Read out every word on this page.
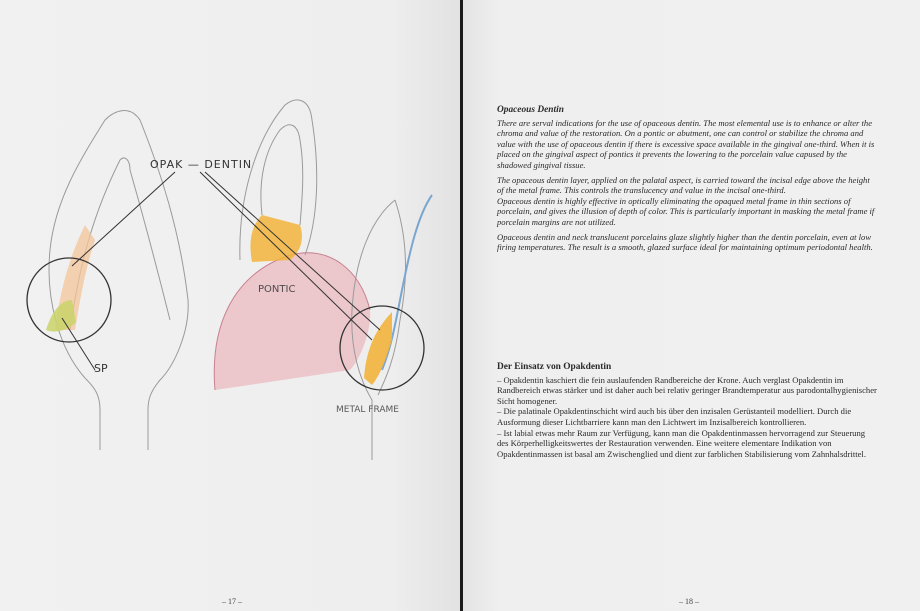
OPAK — DENTIN
SP
PONTIC
METAL FRAME
– 17 –
Opaceous Dentin

There are serval indications for the use of opaceous dentin. The most elemental use is to enhance or alter the chroma and value of the restoration. On a pontic or abutment, one can control or stabilize the chroma and value with the use of opaceous dentin if there is excessive space available in the gingival one-third. When it is placed on the gingival aspect of pontics it prevents the lowering to the porcelain value capused by the shadowed gingival tissue.

The opaceous dentin layer, applied on the palatal aspect, is carried toward the incisal edge above the height of the metal frame. This controls the translucency and value in the incisal one-third.

Opaceous dentin is highly effective in optically eliminating the opaqued metal frame in thin sections of porcelain, and gives the illusion of depth of color. This is particularly important in masking the metal frame if porcelain margins are not utilized.

Opaceous dentin and neck translucent porcelains glaze slightly higher than the dentin porcelain, even at low firing temperatures. The result is a smooth, glazed surface ideal for maintaining optimum periodontal health.

Der Einsatz von Opakdentin

– Opakdentin kaschiert die fein auslaufenden Randbereiche der Krone. Auch verglast Opakdentin im Randbereich etwas stärker und ist daher auch bei relativ geringer Brandtemperatur aus parodontalhygienischer Sicht homogener.

– Die palatinale Opakdentinschicht wird auch bis über den inzisalen Gerüstanteil modelliert. Durch die Ausformung dieser Lichtbarriere kann man den Lichtwert im Inzisalbereich kontrollieren.

– Ist labial etwas mehr Raum zur Verfügung, kann man die Opakdentinmassen hervorragend zur Steuerung des Körperhelligkeitswertes der Restauration verwenden. Eine weitere elementare Indikation von Opakdentinmassen ist basal am Zwischenglied und dient zur farblichen Stabilisierung vom Zahnhalsdrittel.

– 18 –
